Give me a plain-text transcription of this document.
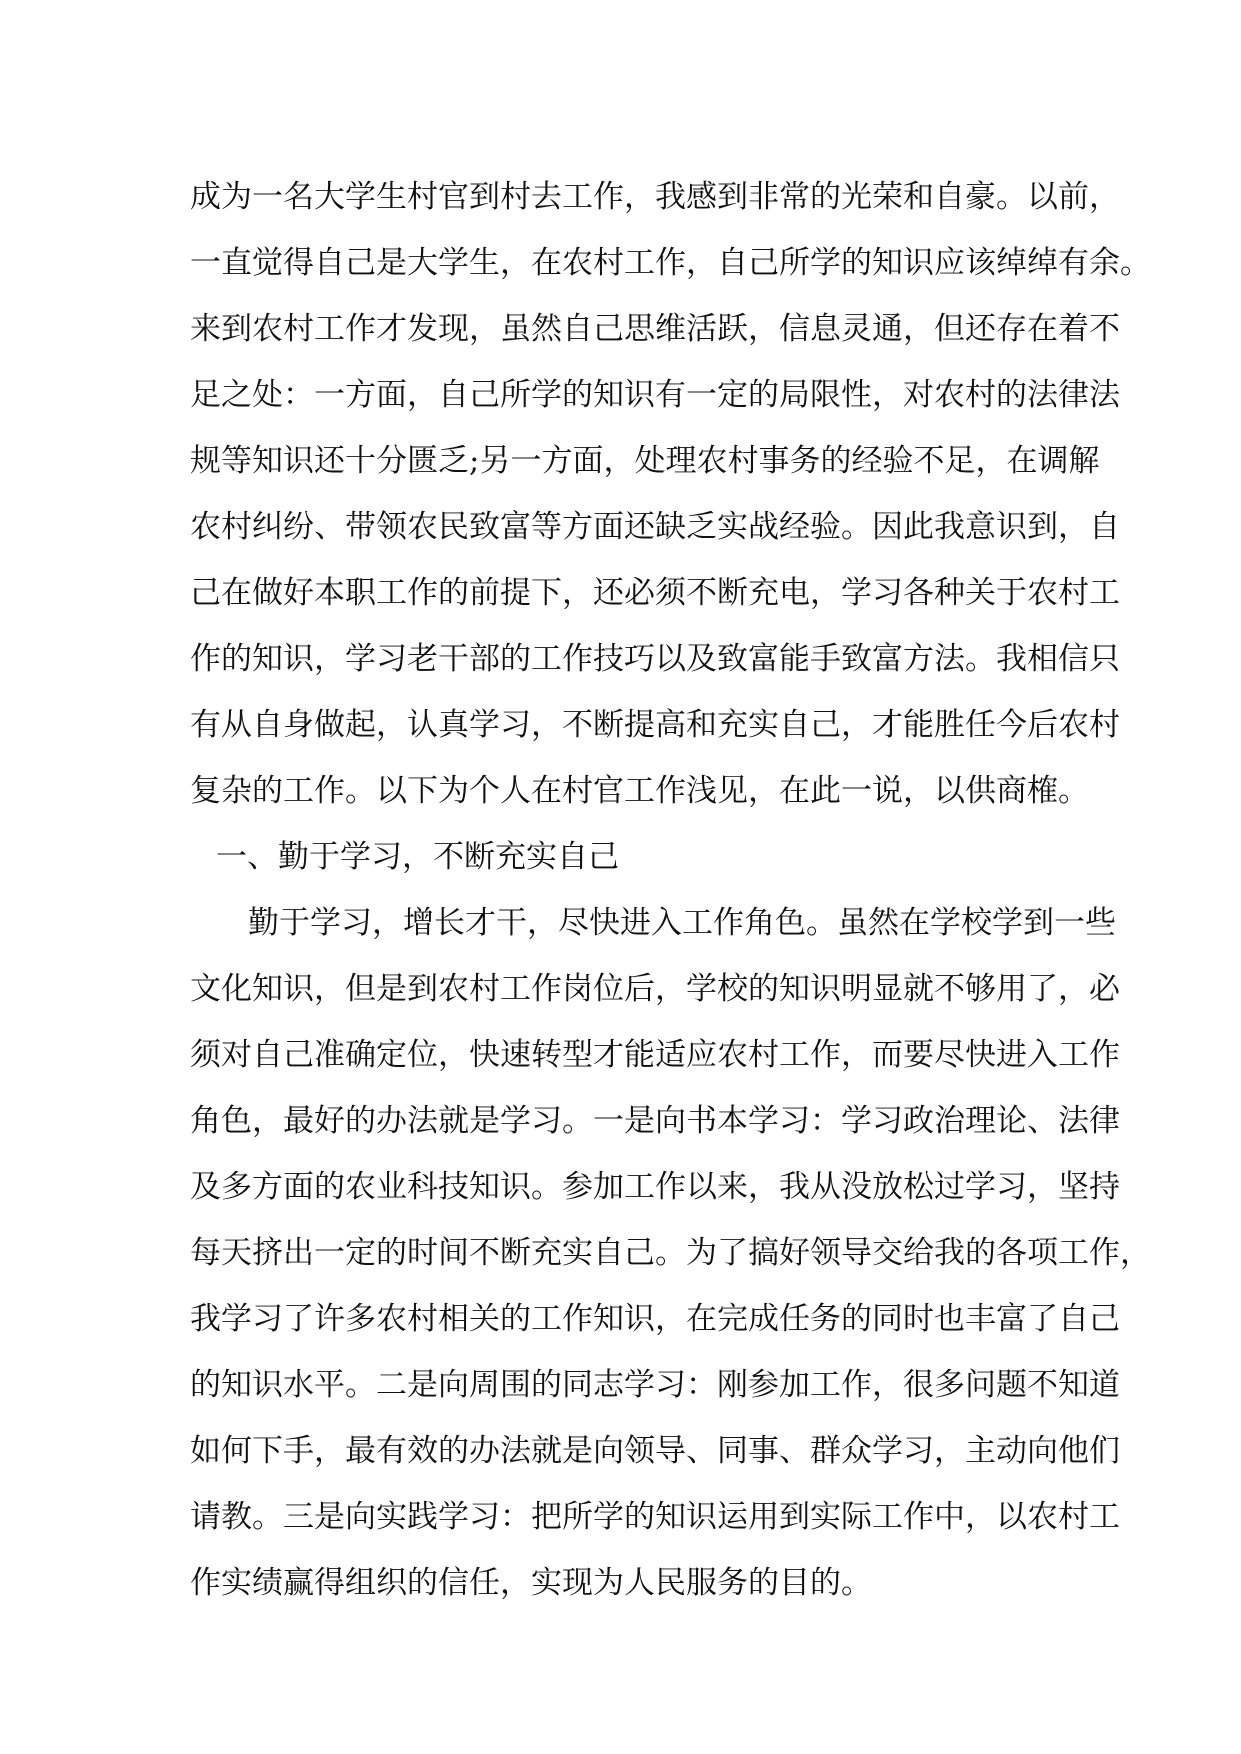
成为一名大学生村官到村去工作，我感到非常的光荣和自豪。以前，
一直觉得自己是大学生，在农村工作，自己所学的知识应该绰绰有余。
来到农村工作才发现，虽然自己思维活跃，信息灵通，但还存在着不
足之处：一方面，自己所学的知识有一定的局限性，对农村的法律法
规等知识还十分匮乏;另一方面，处理农村事务的经验不足，在调解
农村纠纷、带领农民致富等方面还缺乏实战经验。因此我意识到，自
己在做好本职工作的前提下，还必须不断充电，学习各种关于农村工
作的知识，学习老干部的工作技巧以及致富能手致富方法。我相信只
有从自身做起，认真学习，不断提高和充实自己，才能胜任今后农村
复杂的工作。以下为个人在村官工作浅见，在此一说，以供商榷。
一、勤于学习，不断充实自己
勤于学习，增长才干，尽快进入工作角色。虽然在学校学到一些
文化知识，但是到农村工作岗位后，学校的知识明显就不够用了，必
须对自己准确定位，快速转型才能适应农村工作，而要尽快进入工作
角色，最好的办法就是学习。一是向书本学习：学习政治理论、法律
及多方面的农业科技知识。参加工作以来，我从没放松过学习，坚持
每天挤出一定的时间不断充实自己。为了搞好领导交给我的各项工作，
我学习了许多农村相关的工作知识，在完成任务的同时也丰富了自己
的知识水平。二是向周围的同志学习：刚参加工作，很多问题不知道
如何下手，最有效的办法就是向领导、同事、群众学习，主动向他们
请教。三是向实践学习：把所学的知识运用到实际工作中，以农村工
作实绩赢得组织的信任，实现为人民服务的目的。
